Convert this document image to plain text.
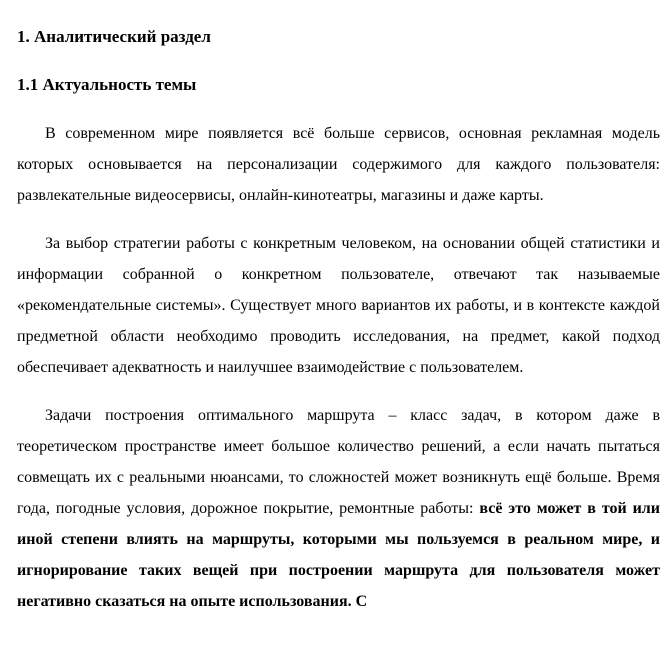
1. Аналитический раздел
1.1 Актуальность темы

В современном мире появляется всё больше сервисов, основная рекламная модель которых основывается на персонализации содержимого для каждого пользователя: развлекательные видеосервисы, онлайн-кинотеатры, магазины и даже карты.

За выбор стратегии работы с конкретным человеком, на основании общей статистики и информации собранной о конкретном пользователе, отвечают так называемые «рекомендательные системы». Существует много вариантов их работы, и в контексте каждой предметной области необходимо проводить исследования, на предмет, какой подход обеспечивает адекватность и наилучшее взаимодействие с пользователем.

Задачи построения оптимального маршрута – класс задач, в котором даже в теоретическом пространстве имеет большое количество решений, а если начать пытаться совмещать их с реальными нюансами, то сложностей может возникнуть ещё больше. Время года, погодные условия, дорожное покрытие, ремонтные работы: всё это может в той или иной степени влиять на маршруты, которыми мы пользуемся в реальном мире, и игнорирование таких вещей при построении маршрута для пользователя может негативно сказаться на опыте использования. С
